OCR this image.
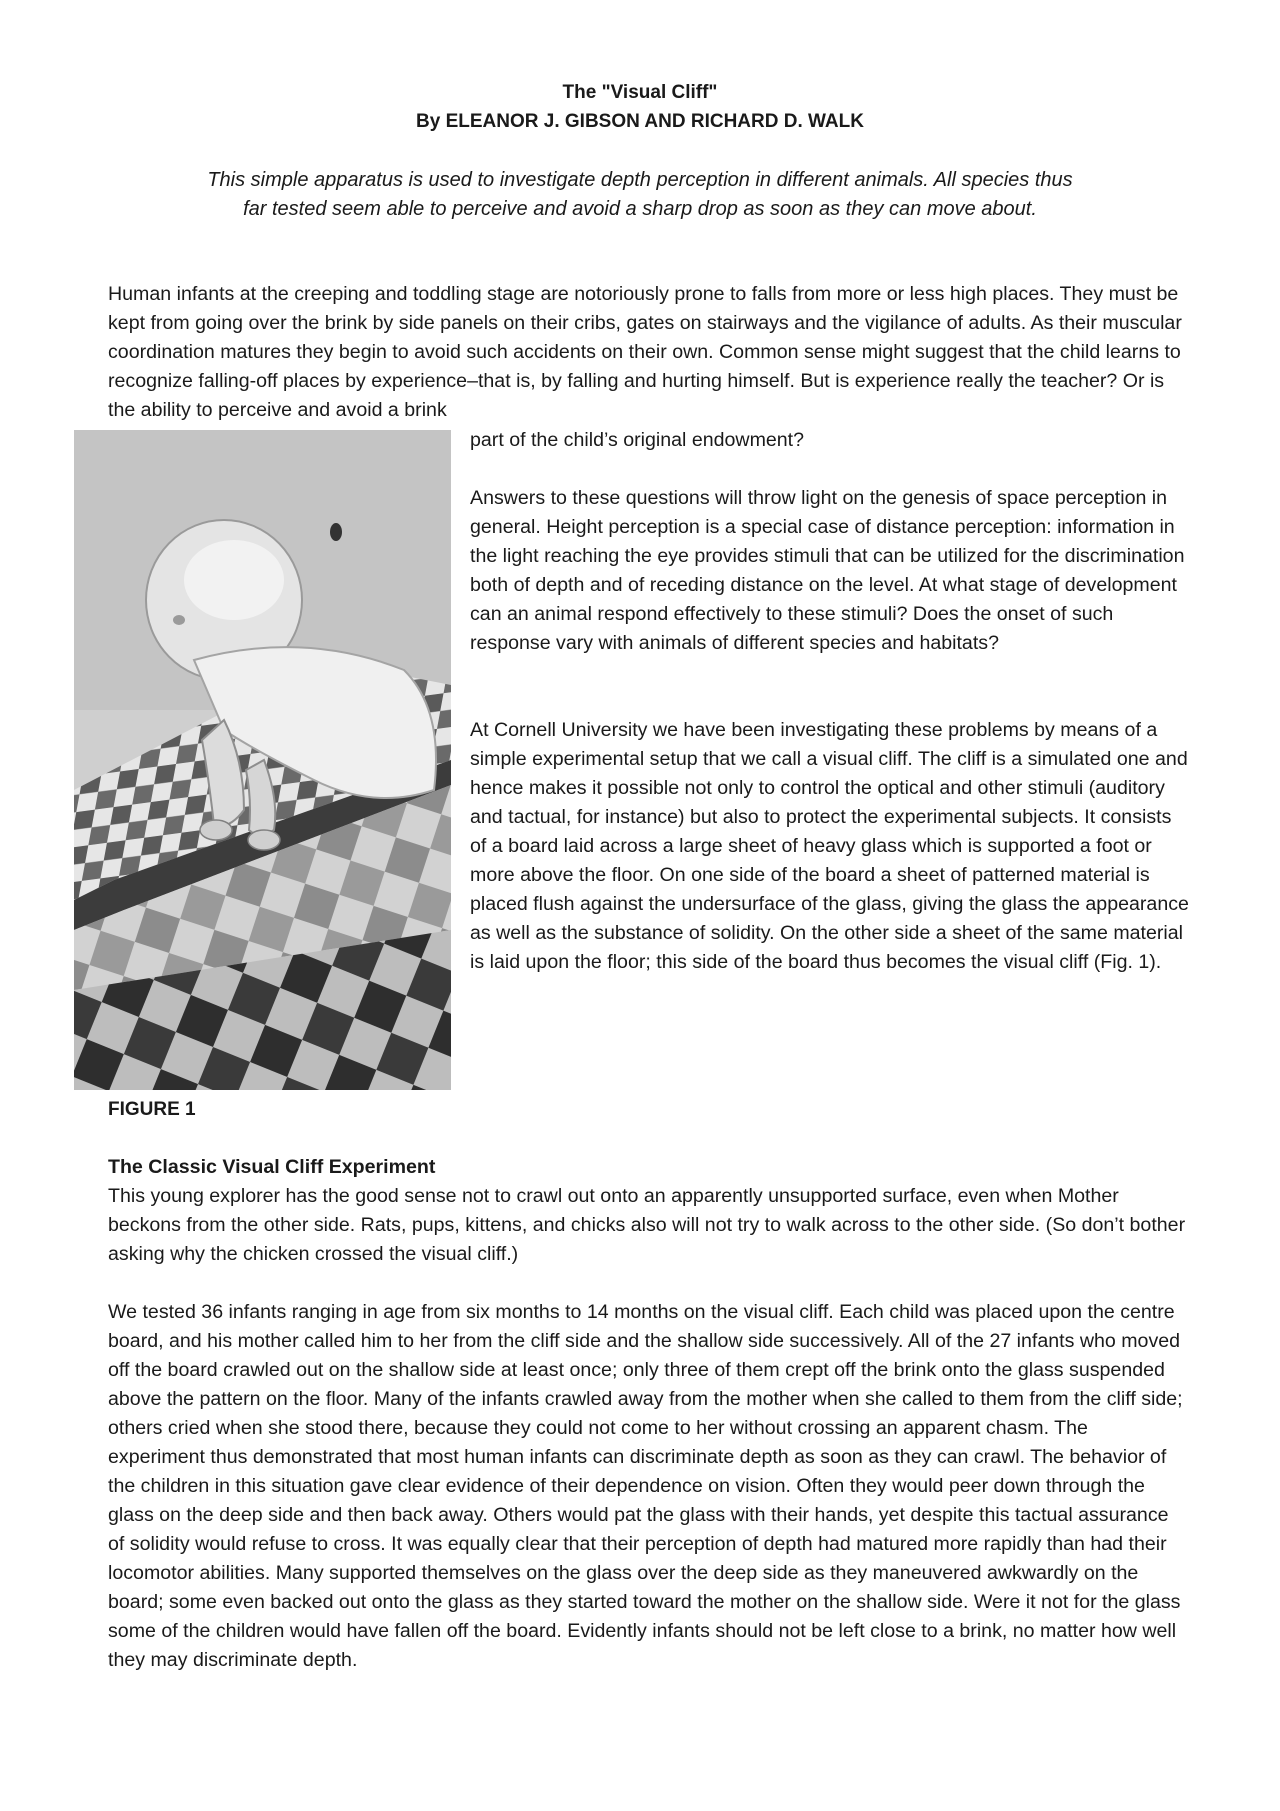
The "Visual Cliff"
By ELEANOR J. GIBSON AND RICHARD D. WALK
This simple apparatus is used to investigate depth perception in different animals. All species thus far tested seem able to perceive and avoid a sharp drop as soon as they can move about.

Human infants at the creeping and toddling stage are notoriously prone to falls from more or less high places. They must be kept from going over the brink by side panels on their cribs, gates on stairways and the vigilance of adults. As their muscular coordination matures they begin to avoid such accidents on their own. Common sense might suggest that the child learns to recognize falling-off places by experience–that is, by falling and hurting himself. But is experience really the teacher? Or is the ability to perceive and avoid a brink

part of the child’s original endowment?

Answers to these questions will throw light on the genesis of space perception in general. Height perception is a special case of distance perception: information in the light reaching the eye provides stimuli that can be utilized for the discrimination both of depth and of receding distance on the level. At what stage of development can an animal respond effectively to these stimuli? Does the onset of such response vary with animals of different species and habitats?

At Cornell University we have been investigating these problems by means of a simple experimental setup that we call a visual cliff. The cliff is a simulated one and hence makes it possible not only to control the optical and other stimuli (auditory and tactual, for instance) but also to protect the experimental subjects. It consists of a board laid across a large sheet of heavy glass which is supported a foot or more above the floor. On one side of the board a sheet of patterned material is placed flush against the undersurface of the glass, giving the glass the appearance as well as the substance of solidity. On the other side a sheet of the same material is laid upon the floor; this side of the board thus becomes the visual cliff (Fig. 1).

FIGURE 1
The Classic Visual Cliff Experiment

This young explorer has the good sense not to crawl out onto an apparently unsupported surface, even when Mother beckons from the other side. Rats, pups, kittens, and chicks also will not try to walk across to the other side. (So don’t bother asking why the chicken crossed the visual cliff.)

We tested 36 infants ranging in age from six months to 14 months on the visual cliff. Each child was placed upon the centre board, and his mother called him to her from the cliff side and the shallow side successively. All of the 27 infants who moved off the board crawled out on the shallow side at least once; only three of them crept off the brink onto the glass suspended above the pattern on the floor. Many of the infants crawled away from the mother when she called to them from the cliff side; others cried when she stood there, because they could not come to her without crossing an apparent chasm. The experiment thus demonstrated that most human infants can discriminate depth as soon as they can crawl. The behavior of the children in this situation gave clear evidence of their dependence on vision. Often they would peer down through the glass on the deep side and then back away. Others would pat the glass with their hands, yet despite this tactual assurance of solidity would refuse to cross. It was equally clear that their perception of depth had matured more rapidly than had their locomotor abilities. Many supported themselves on the glass over the deep side as they maneuvered awkwardly on the board; some even backed out onto the glass as they started toward the mother on the shallow side. Were it not for the glass some of the children would have fallen off the board. Evidently infants should not be left close to a brink, no matter how well they may discriminate depth.
